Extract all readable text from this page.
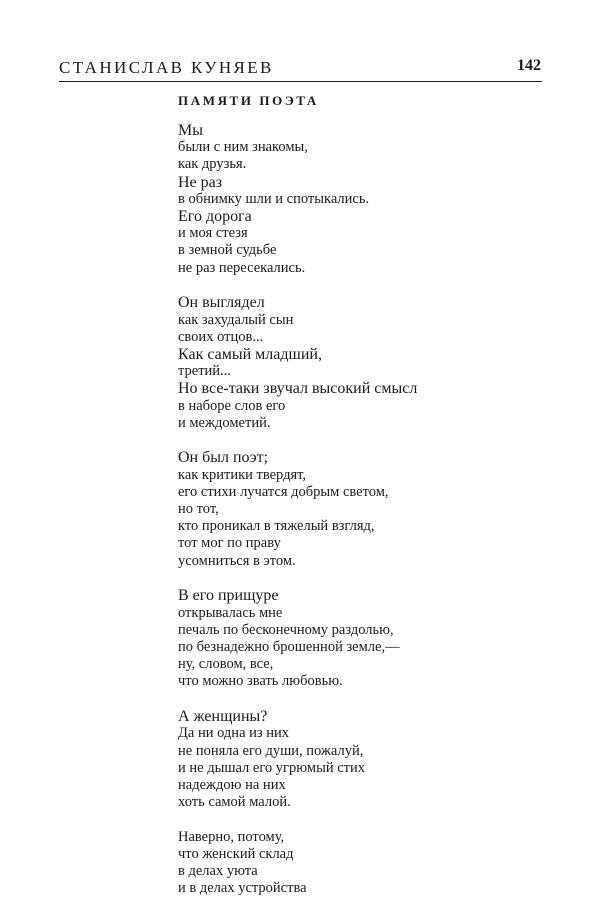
СТАНИСЛАВ КУНЯЕВ	142
ПАМЯТИ ПОЭТА
Мы
были с ним знакомы,
как друзья.
Не раз
в обнимку шли и спотыкались.
Его дорога
и моя стезя
в земной судьбе
не раз пересекались.
Он выглядел
как захудалый сын
своих отцов...
Как самый младший,
третий...
Но все-таки звучал высокий смысл
в наборе слов его
и междометий.
Он был поэт;
как критики твердят,
его стихи лучатся добрым светом,
но тот,
кто проникал в тяжелый взгляд,
тот мог по праву
усомниться в этом.
В его прищуре
открывалась мне
печаль по бесконечному раздолью,
по безнадежно брошенной земле,—
ну, словом, все,
что можно звать любовью.
А женщины?
Да ни одна из них
не поняла его души, пожалуй,
и не дышал его угрюмый стих
надеждою на них
хоть самой малой.
Наверно, потому,
что женский склад
в делах уюта
и в делах устройства
